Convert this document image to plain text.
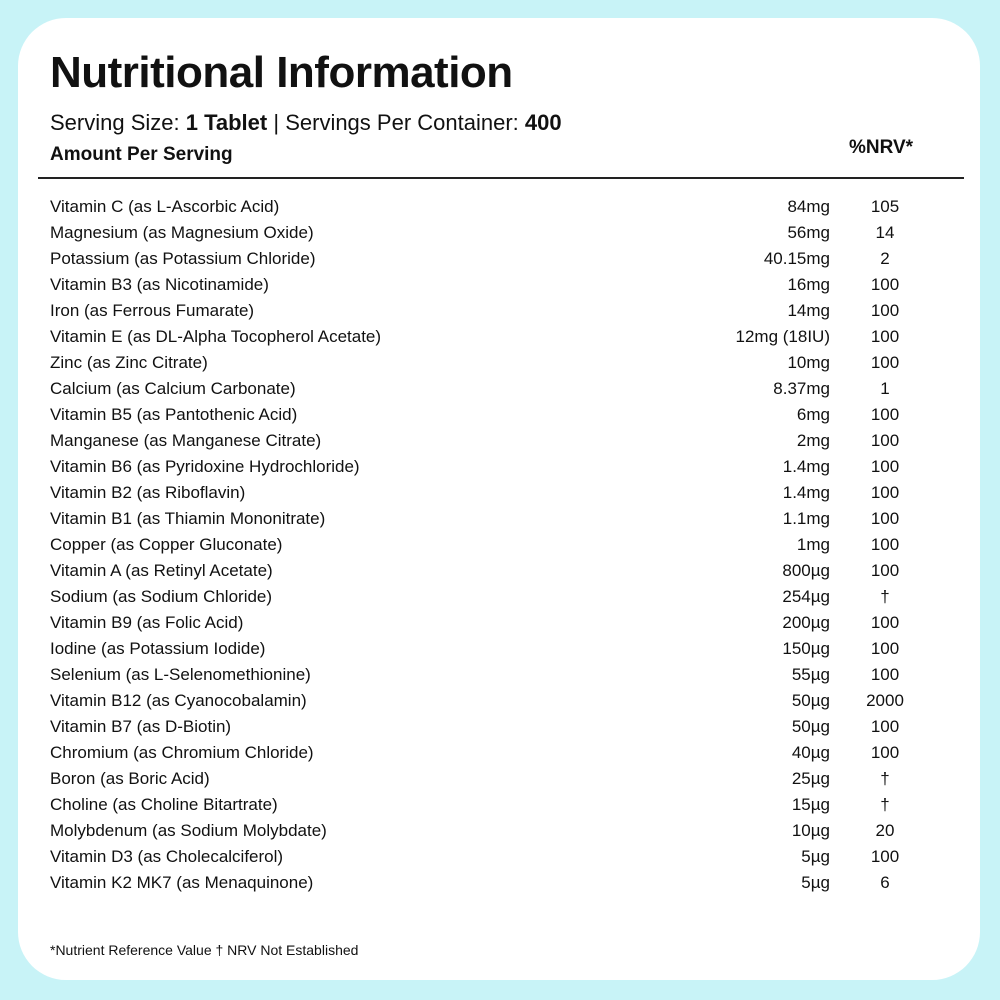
Nutritional Information
Serving Size: 1 Tablet | Servings Per Container: 400
Amount Per Serving	%NRV*
Vitamin C (as L-Ascorbic Acid)	84mg	105
Magnesium (as Magnesium Oxide)	56mg	14
Potassium (as Potassium Chloride)	40.15mg	2
Vitamin B3 (as Nicotinamide)	16mg	100
Iron (as Ferrous Fumarate)	14mg	100
Vitamin E (as DL-Alpha Tocopherol Acetate)	12mg (18IU)	100
Zinc (as Zinc Citrate)	10mg	100
Calcium (as Calcium Carbonate)	8.37mg	1
Vitamin B5 (as Pantothenic Acid)	6mg	100
Manganese (as Manganese Citrate)	2mg	100
Vitamin B6 (as Pyridoxine Hydrochloride)	1.4mg	100
Vitamin B2 (as Riboflavin)	1.4mg	100
Vitamin B1 (as Thiamin Mononitrate)	1.1mg	100
Copper (as Copper Gluconate)	1mg	100
Vitamin A (as Retinyl Acetate)	800µg	100
Sodium (as Sodium Chloride)	254µg	†
Vitamin B9 (as Folic Acid)	200µg	100
Iodine (as Potassium Iodide)	150µg	100
Selenium (as L-Selenomethionine)	55µg	100
Vitamin B12 (as Cyanocobalamin)	50µg	2000
Vitamin B7 (as D-Biotin)	50µg	100
Chromium (as Chromium Chloride)	40µg	100
Boron (as Boric Acid)	25µg	†
Choline (as Choline Bitartrate)	15µg	†
Molybdenum (as Sodium Molybdate)	10µg	20
Vitamin D3 (as Cholecalciferol)	5µg	100
Vitamin K2 MK7 (as Menaquinone)	5µg	6
*Nutrient Reference Value † NRV Not Established
